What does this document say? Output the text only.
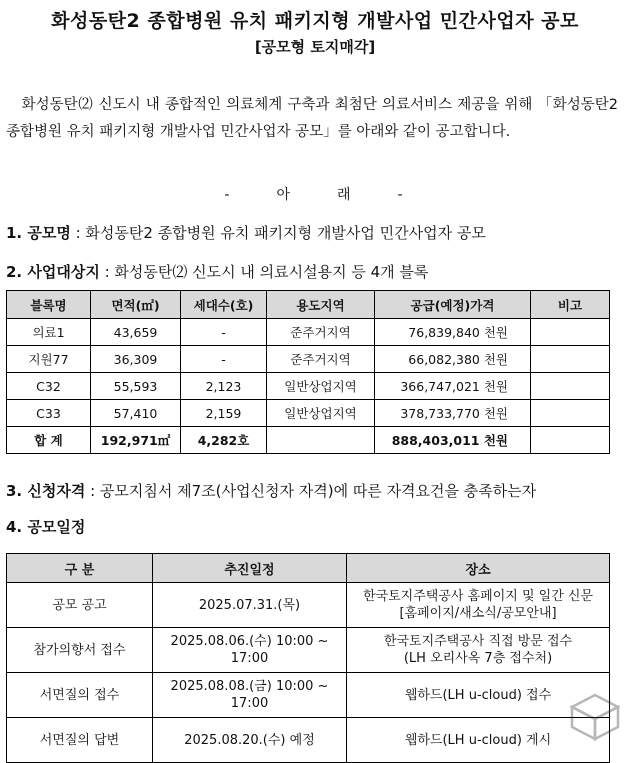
화성동탄2 종합병원 유치 패키지형 개발사업 민간사업자 공모
[공모형 토지매각]
화성동탄⑵ 신도시 내 종합적인 의료체계 구축과 최첨단 의료서비스 제공을 위해 「화성동탄2 종합병원 유치 패키지형 개발사업 민간사업자 공모」를 아래와 같이 공고합니다.
-	아	래	-
1. 공모명 : 화성동탄2 종합병원 유치 패키지형 개발사업 민간사업자 공모
2. 사업대상지 : 화성동탄⑵ 신도시 내 의료시설용지 등 4개 블록
블록명	면적(㎡)	세대수(호)	용도지역	공급(예정)가격	비고
의료1	43,659	-	준주거지역	76,839,840 천원	
지원77	36,309	-	준주거지역	66,082,380 천원	
C32	55,593	2,123	일반상업지역	366,747,021 천원	
C33	57,410	2,159	일반상업지역	378,733,770 천원	
합 계	192,971㎡	4,282호		888,403,011 천원	
3. 신청자격 : 공모지침서 제7조(사업신청자 자격)에 따른 자격요건을 충족하는자
4. 공모일정
구 분	추진일정	장소
공모 공고	2025.07.31.(목)	한국토지주택공사 홈페이지 및 일간 신문
[홈페이지/새소식/공모안내]

참가의향서 접수	2025.08.06.(수) 10:00 ~ 17:00	한국토지주택공사 직접 방문 접수
(LH 오리사옥 7층 접수처)

서면질의 접수	2025.08.08.(금) 10:00 ~ 17:00	웹하드(LH u-cloud) 접수

서면질의 답변	2025.08.20.(수) 예정	웹하드(LH u-cloud) 게시
